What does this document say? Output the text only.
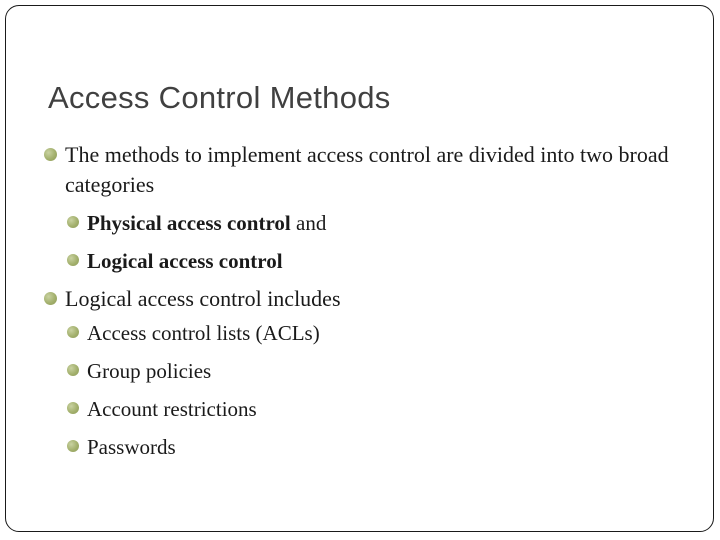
Access Control Methods
The methods to implement access control are divided into two broad categories
Physical access control and
Logical access control
Logical access control includes
Access control lists (ACLs)
Group policies
Account restrictions
Passwords
